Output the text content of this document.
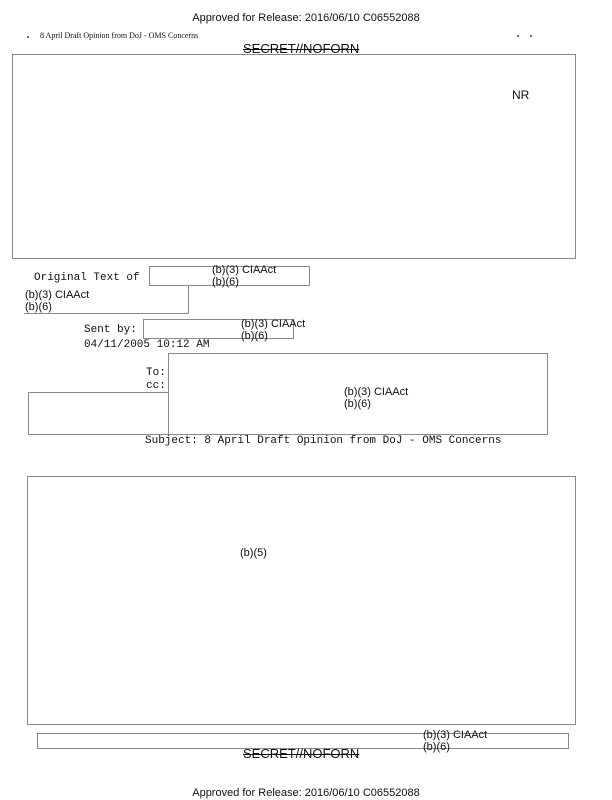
Approved for Release: 2016/06/10 C06552088
8 April Draft Opinion from DoJ - OMS Concerns
SECRET//NOFORN
NR
Original Text of
(b)(3) CIAAct
(b)(6)
(b)(3) CIAAct
(b)(6)
Sent by:	(b)(3) CIAAct
(b)(6)
04/11/2005 10:12 AM
To:
cc:	(b)(3) CIAAct
(b)(6)
Subject: 8 April Draft Opinion from DoJ - OMS Concerns
(b)(5)
(b)(3) CIAAct
(b)(6)
SECRET//NOFORN
Approved for Release: 2016/06/10 C06552088
